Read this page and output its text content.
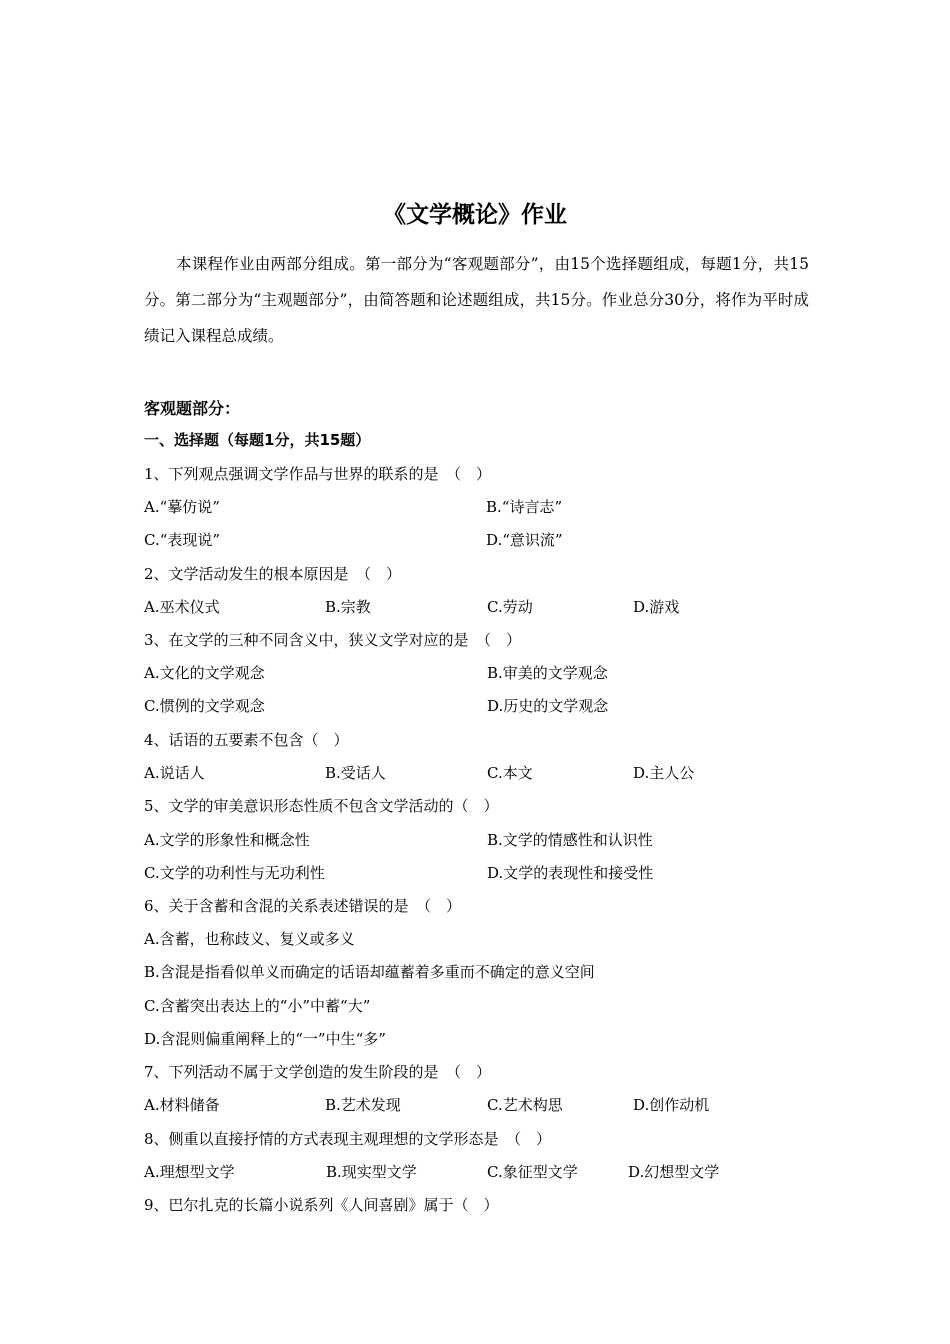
《文学概论》作业
本课程作业由两部分组成。第一部分为“客观题部分”，由15个选择题组成，每题1分，共15分。第二部分为“主观题部分”，由简答题和论述题组成，共15分。作业总分30分，将作为平时成绩记入课程总成绩。
客观题部分：
一、选择题（每题1分，共15题）
1、下列观点强调文学作品与世界的联系的是　（　）
A.“摹仿说”	B.“诗言志”
C.“表现说”	D.“意识流”
2、文学活动发生的根本原因是　（　）
A.巫术仪式	B.宗教	C.劳动	D.游戏
3、在文学的三种不同含义中，狭义文学对应的是　（　）
A.文化的文学观念	B.审美的文学观念
C.惯例的文学观念	D.历史的文学观念
4、话语的五要素不包含（　）
A.说话人	B.受话人	C.本文	D.主人公
5、文学的审美意识形态性质不包含文学活动的（　）
A.文学的形象性和概念性	B.文学的情感性和认识性
C.文学的功利性与无功利性	D.文学的表现性和接受性
6、关于含蓄和含混的关系表述错误的是　（　）
A.含蓄，也称歧义、复义或多义
B.含混是指看似单义而确定的话语却蕴蓄着多重而不确定的意义空间
C.含蓄突出表达上的“小”中蓄“大”
D.含混则偏重阐释上的“一”中生“多”
7、下列活动不属于文学创造的发生阶段的是　（　）
A.材料储备	B.艺术发现	C.艺术构思	D.创作动机
8、侧重以直接抒情的方式表现主观理想的文学形态是　（　）
A.理想型文学	B.现实型文学	C.象征型文学	D.幻想型文学
9、巴尔扎克的长篇小说系列《人间喜剧》属于（　）
